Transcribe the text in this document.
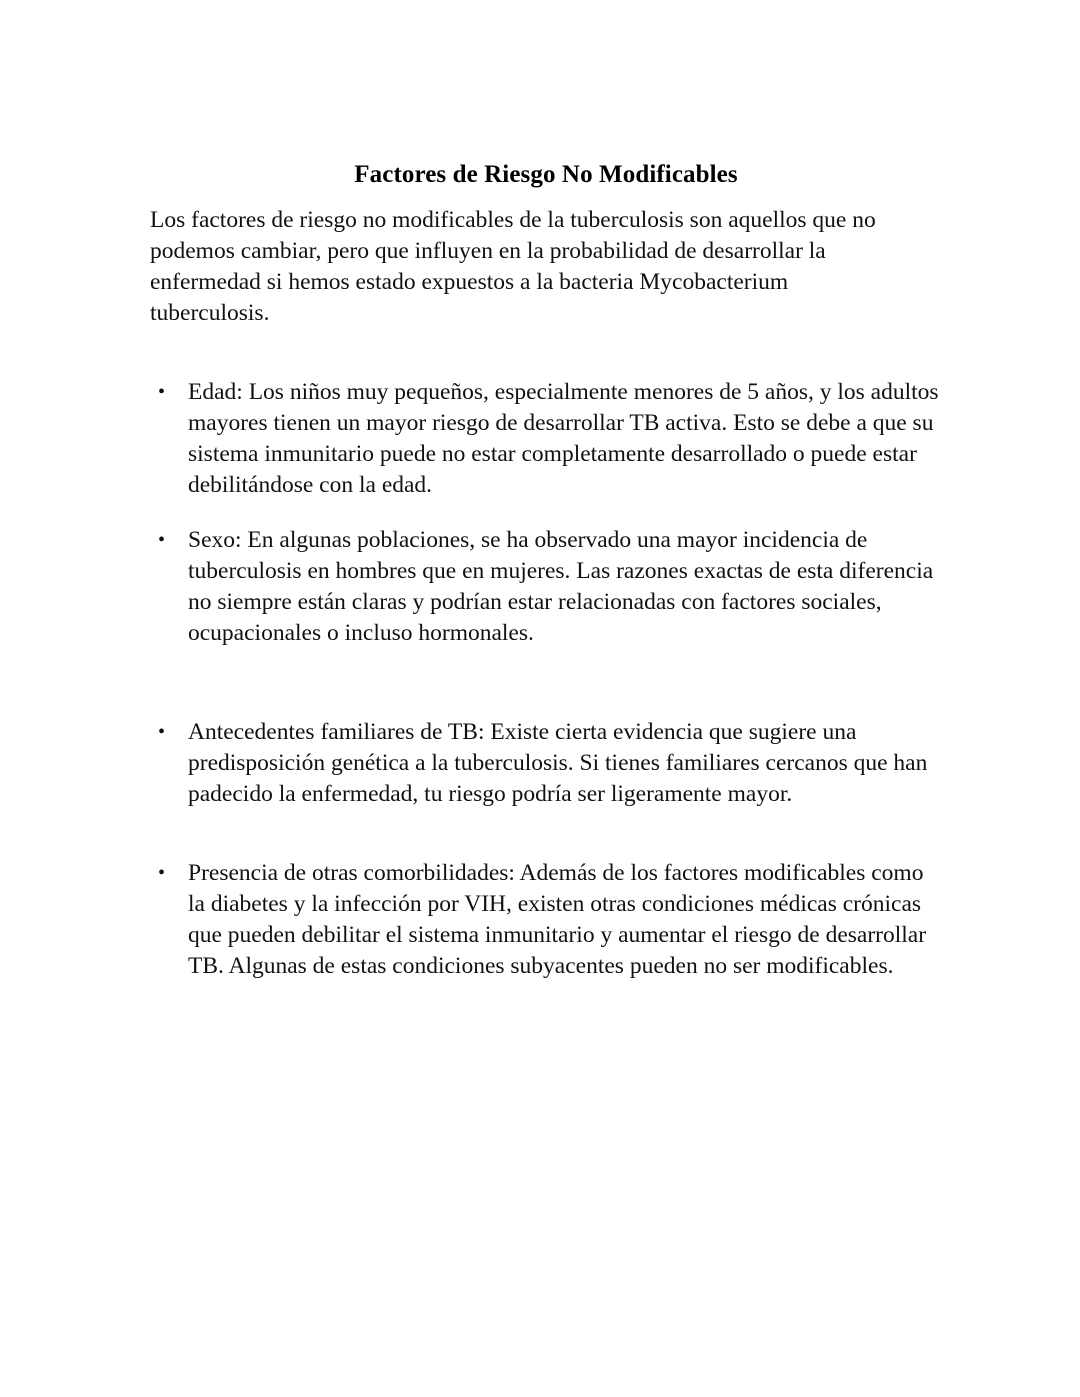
Factores de Riesgo No Modificables

Los factores de riesgo no modificables de la tuberculosis son aquellos que no podemos cambiar, pero que influyen en la probabilidad de desarrollar la enfermedad si hemos estado expuestos a la bacteria Mycobacterium tuberculosis.

• Edad: Los niños muy pequeños, especialmente menores de 5 años, y los adultos mayores tienen un mayor riesgo de desarrollar TB activa. Esto se debe a que su sistema inmunitario puede no estar completamente desarrollado o puede estar debilitándose con la edad.
• Sexo: En algunas poblaciones, se ha observado una mayor incidencia de tuberculosis en hombres que en mujeres. Las razones exactas de esta diferencia no siempre están claras y podrían estar relacionadas con factores sociales, ocupacionales o incluso hormonales.
• Antecedentes familiares de TB: Existe cierta evidencia que sugiere una predisposición genética a la tuberculosis. Si tienes familiares cercanos que han padecido la enfermedad, tu riesgo podría ser ligeramente mayor.
• Presencia de otras comorbilidades: Además de los factores modificables como la diabetes y la infección por VIH, existen otras condiciones médicas crónicas que pueden debilitar el sistema inmunitario y aumentar el riesgo de desarrollar TB. Algunas de estas condiciones subyacentes pueden no ser modificables.
